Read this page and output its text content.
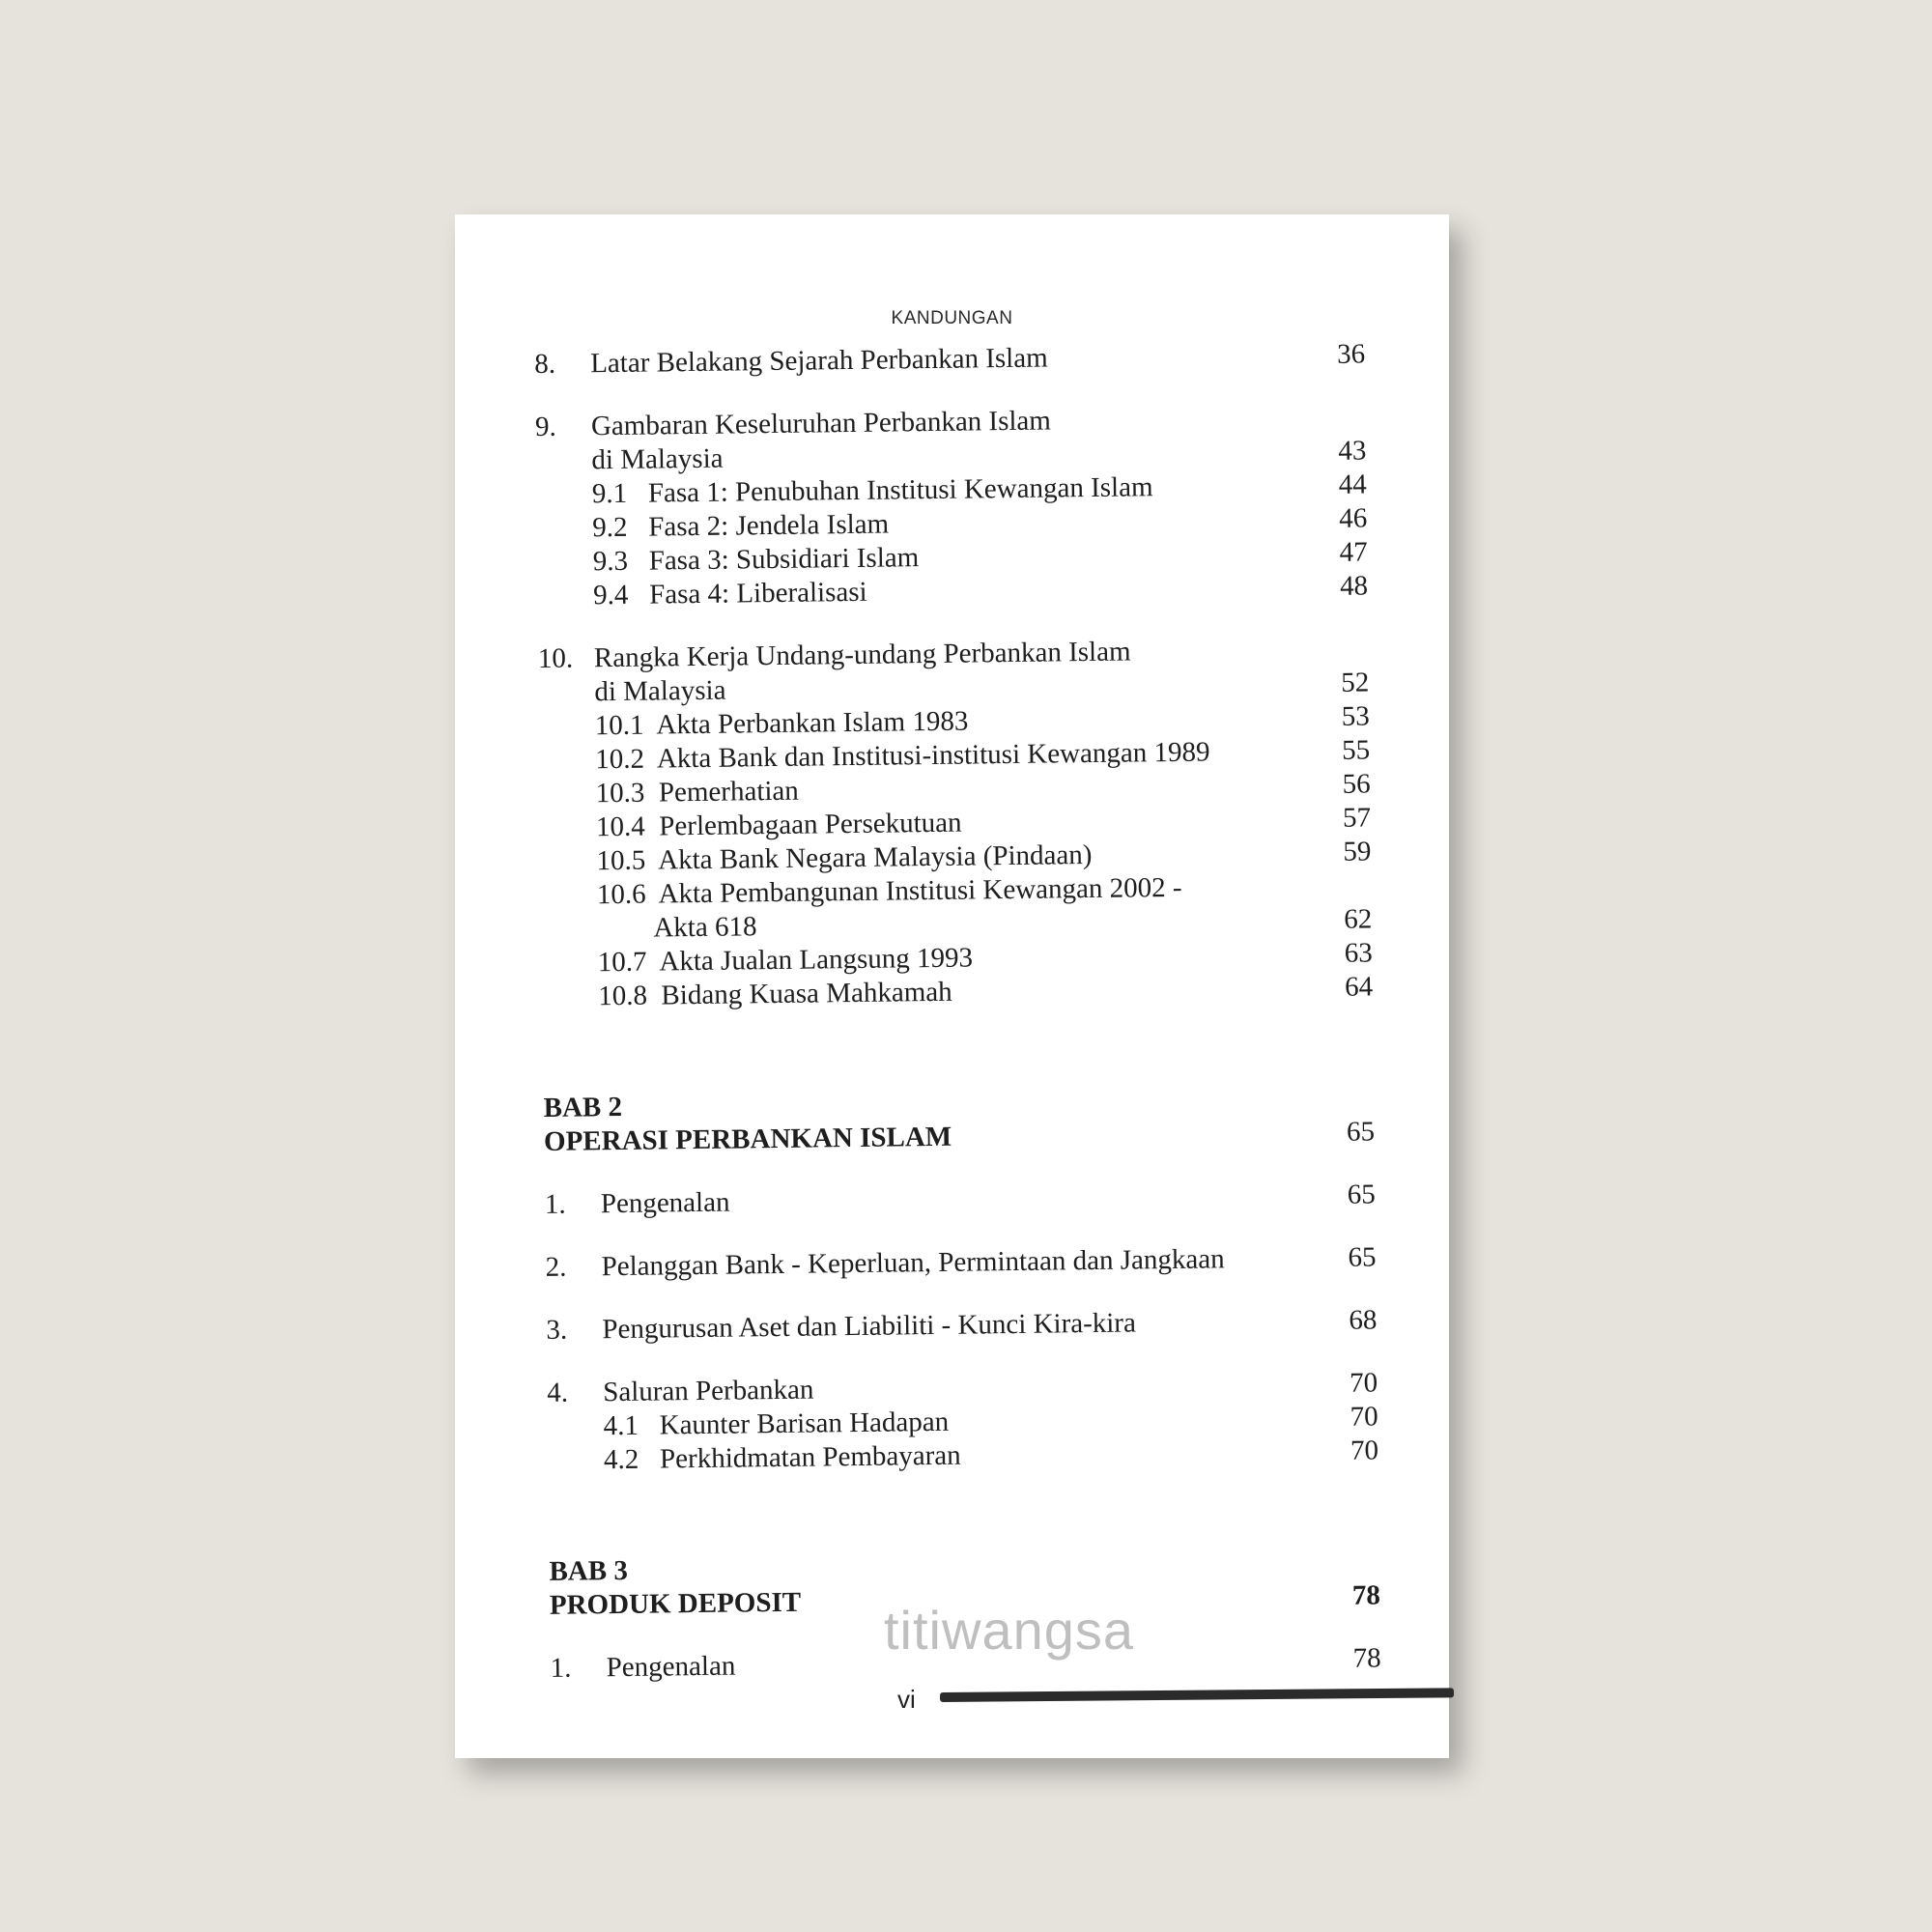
KANDUNGAN
8. Latar Belakang Sejarah Perbankan Islam	36
9. Gambaran Keseluruhan Perbankan Islam
di Malaysia	43
9.1 Fasa 1: Penubuhan Institusi Kewangan Islam	44
9.2 Fasa 2: Jendela Islam	46
9.3 Fasa 3: Subsidiari Islam	47
9.4 Fasa 4: Liberalisasi	48
10. Rangka Kerja Undang-undang Perbankan Islam
di Malaysia	52
10.1 Akta Perbankan Islam 1983	53
10.2 Akta Bank dan Institusi-institusi Kewangan 1989	55
10.3 Pemerhatian	56
10.4 Perlembagaan Persekutuan	57
10.5 Akta Bank Negara Malaysia (Pindaan)	59
10.6 Akta Pembangunan Institusi Kewangan 2002 -
Akta 618	62
10.7 Akta Jualan Langsung 1993	63
10.8 Bidang Kuasa Mahkamah	64
BAB 2
OPERASI PERBANKAN ISLAM	65
1. Pengenalan	65
2. Pelanggan Bank - Keperluan, Permintaan dan Jangkaan	65
3. Pengurusan Aset dan Liabiliti - Kunci Kira-kira	68
4. Saluran Perbankan	70
4.1 Kaunter Barisan Hadapan	70
4.2 Perkhidmatan Pembayaran	70
BAB 3
PRODUK DEPOSIT	78
1. Pengenalan	78
vi
titiwangsa
